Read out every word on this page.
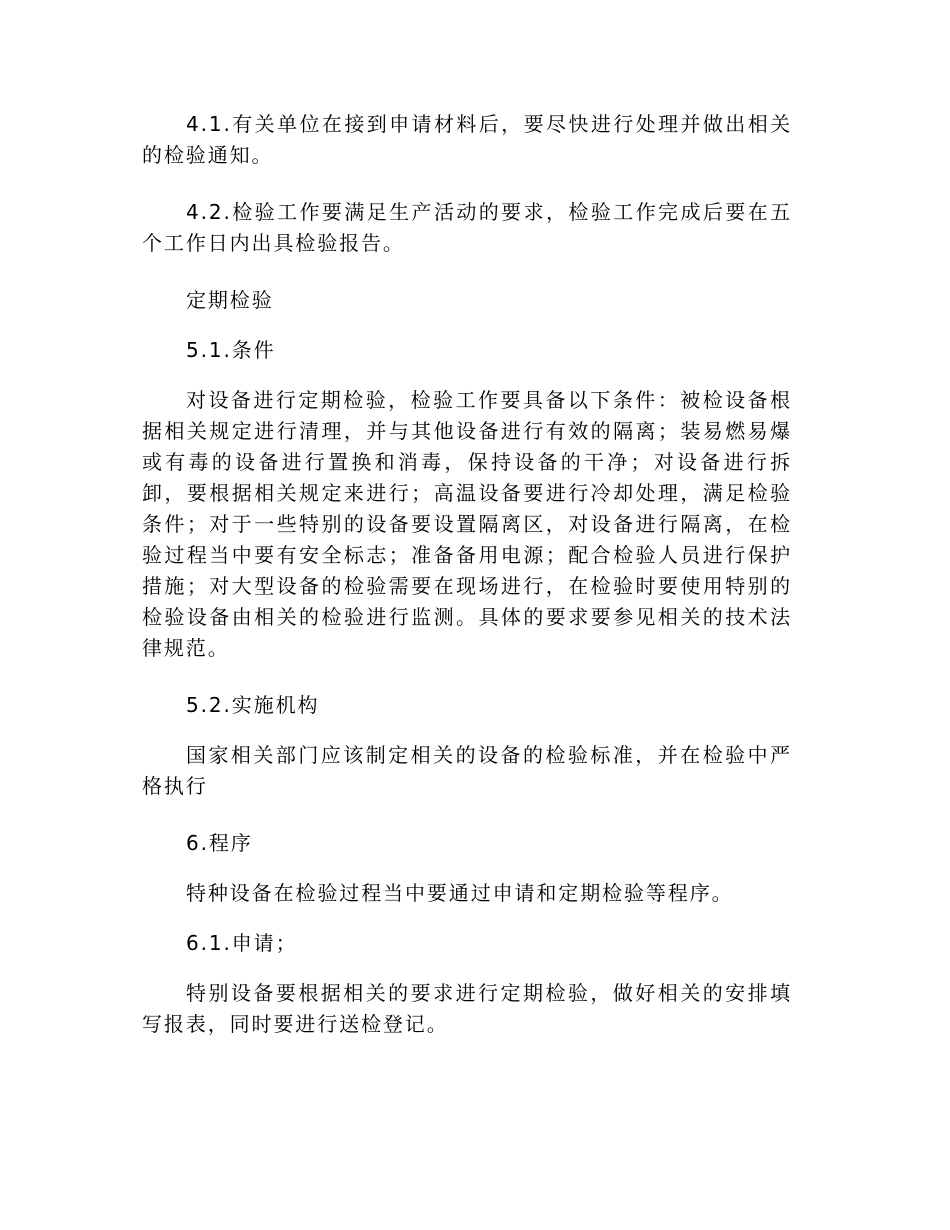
4.1.有关单位在接到申请材料后，要尽快进行处理并做出相关的检验通知。

4.2.检验工作要满足生产活动的要求，检验工作完成后要在五个工作日内出具检验报告。

定期检验

5.1.条件

对设备进行定期检验，检验工作要具备以下条件：被检设备根据相关规定进行清理，并与其他设备进行有效的隔离；装易燃易爆或有毒的设备进行置换和消毒，保持设备的干净；对设备进行拆卸，要根据相关规定来进行；高温设备要进行冷却处理，满足检验条件；对于一些特别的设备要设置隔离区，对设备进行隔离，在检验过程当中要有安全标志；准备备用电源；配合检验人员进行保护措施；对大型设备的检验需要在现场进行，在检验时要使用特别的检验设备由相关的检验进行监测。具体的要求要参见相关的技术法律规范。

5.2.实施机构

国家相关部门应该制定相关的设备的检验标准，并在检验中严格执行

6.程序

特种设备在检验过程当中要通过申请和定期检验等程序。

6.1.申请；

特别设备要根据相关的要求进行定期检验，做好相关的安排填写报表，同时要进行送检登记。
